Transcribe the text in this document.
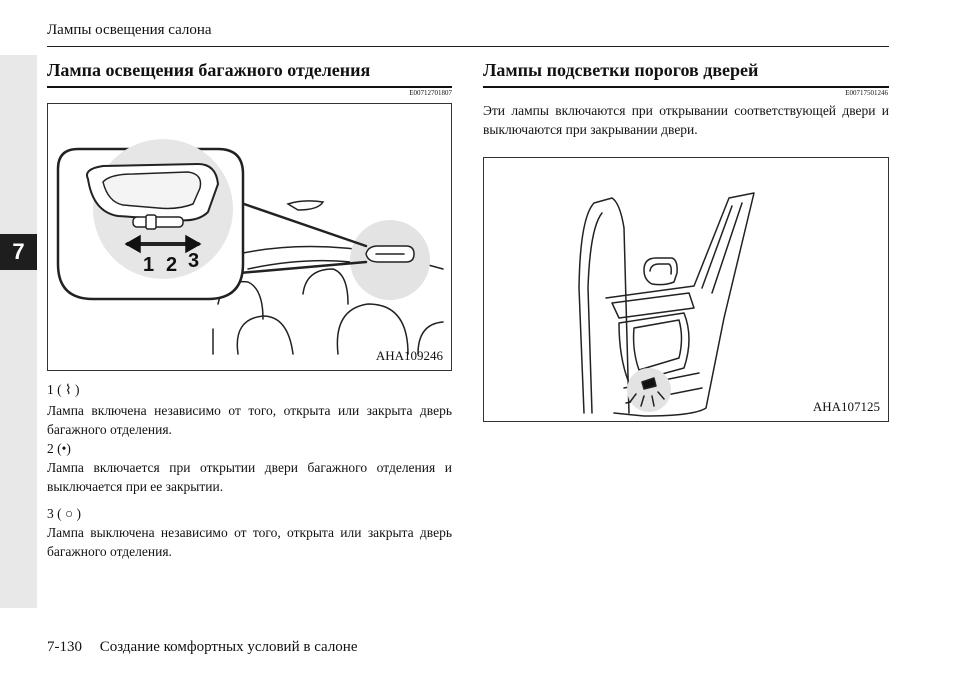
Лампы освещения салона
7
Лампа освещения багажного отделения
E00712701807
1 2 3
AHA109246
1 ( ⌇ )
Лампа включена независимо от того, открыта или закрыта дверь багажного отделения.
2 (•)
Лампа включается при открытии двери багажного отделения и выключается при ее закрытии.
3 ( ○ )
Лампа выключена независимо от того, открыта или закрыта дверь багажного отделения.
Лампы подсветки порогов дверей
E00717501246
Эти лампы включаются при открывании соответствующей двери и выключаются при закрывании двери.
AHA107125
7-130 Создание комфортных условий в салоне
